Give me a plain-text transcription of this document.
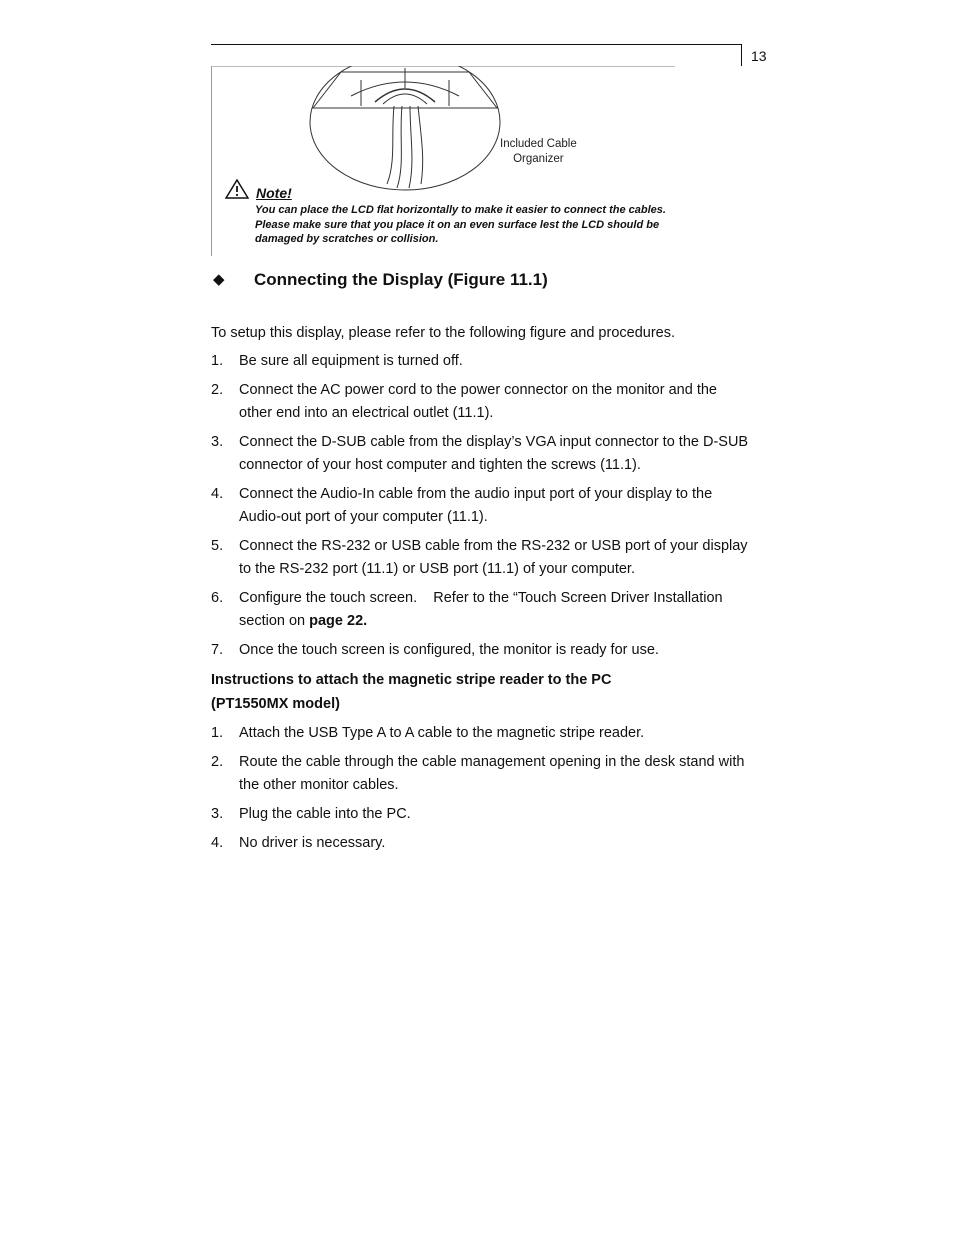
13
Included Cable
Organizer
Note!
You can place the LCD flat horizontally to make it easier to connect the cables. Please make sure that you place it on an even surface lest the LCD should be damaged by scratches or collision.
◆ Connecting the Display (Figure 11.1)
To setup this display, please refer to the following figure and procedures.
1. Be sure all equipment is turned off.
2. Connect the AC power cord to the power connector on the monitor and the other end into an electrical outlet (11.1).
3. Connect the D-SUB cable from the display’s VGA input connector to the D-SUB connector of your host computer and tighten the screws (11.1).
4. Connect the Audio-In cable from the audio input port of your display to the Audio-out port of your computer (11.1).
5. Connect the RS-232 or USB cable from the RS-232 or USB port of your display to the RS-232 port (11.1) or USB port (11.1) of your computer.
6. Configure the touch screen.    Refer to the “Touch Screen Driver Installation section on page 22.
7. Once the touch screen is configured, the monitor is ready for use.
Instructions to attach the magnetic stripe reader to the PC
(PT1550MX model)
1. Attach the USB Type A to A cable to the magnetic stripe reader.
2. Route the cable through the cable management opening in the desk stand with the other monitor cables.
3. Plug the cable into the PC.
4. No driver is necessary.
